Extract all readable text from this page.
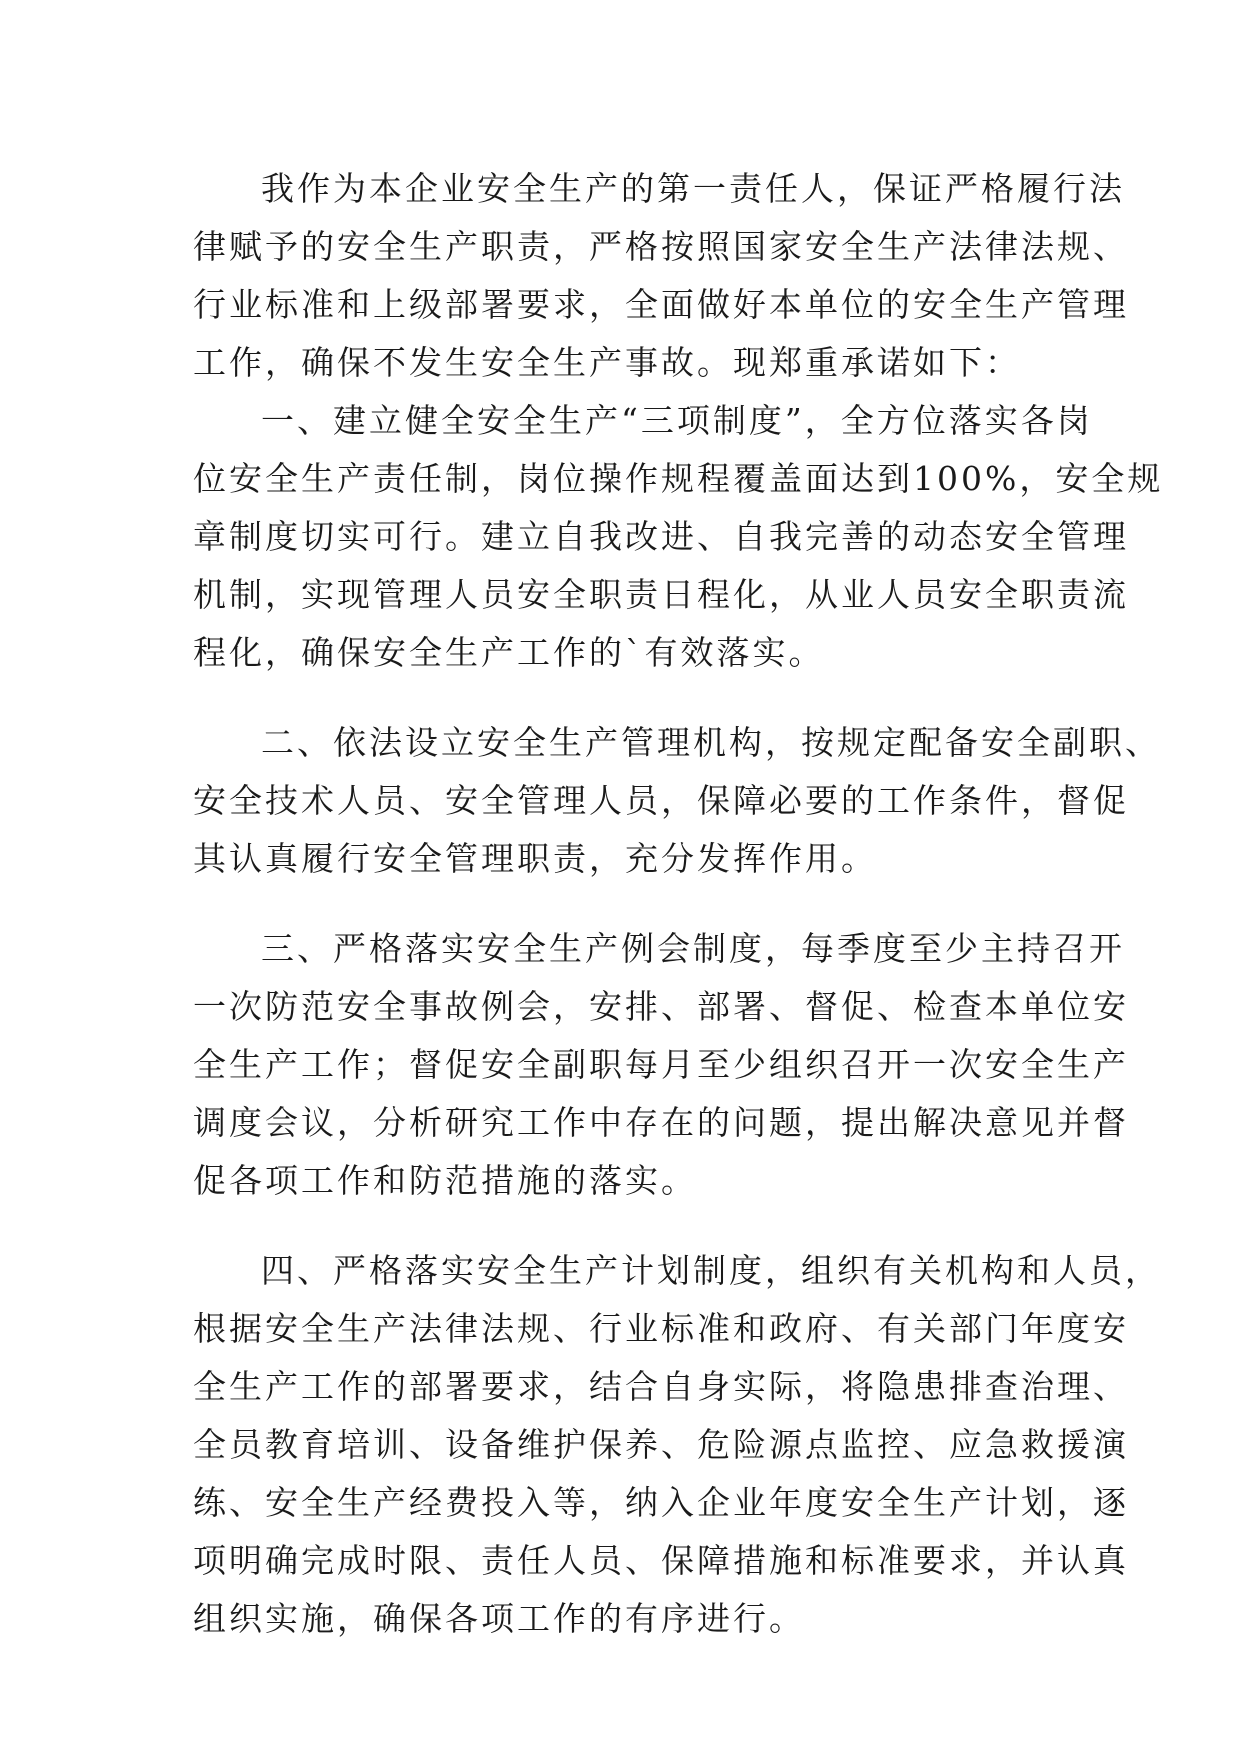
我作为本企业安全生产的第一责任人，保证严格履行法
律赋予的安全生产职责，严格按照国家安全生产法律法规、
行业标准和上级部署要求，全面做好本单位的安全生产管理
工作，确保不发生安全生产事故。现郑重承诺如下：
一、建立健全安全生产“三项制度”，全方位落实各岗
位安全生产责任制，岗位操作规程覆盖面达到100%，安全规
章制度切实可行。建立自我改进、自我完善的动态安全管理
机制，实现管理人员安全职责日程化，从业人员安全职责流
程化，确保安全生产工作的`有效落实。
二、依法设立安全生产管理机构，按规定配备安全副职、
安全技术人员、安全管理人员，保障必要的工作条件，督促
其认真履行安全管理职责，充分发挥作用。
三、严格落实安全生产例会制度，每季度至少主持召开
一次防范安全事故例会，安排、部署、督促、检查本单位安
全生产工作；督促安全副职每月至少组织召开一次安全生产
调度会议，分析研究工作中存在的问题，提出解决意见并督
促各项工作和防范措施的落实。
四、严格落实安全生产计划制度，组织有关机构和人员，
根据安全生产法律法规、行业标准和政府、有关部门年度安
全生产工作的部署要求，结合自身实际，将隐患排查治理、
全员教育培训、设备维护保养、危险源点监控、应急救援演
练、安全生产经费投入等，纳入企业年度安全生产计划，逐
项明确完成时限、责任人员、保障措施和标准要求，并认真
组织实施，确保各项工作的有序进行。
